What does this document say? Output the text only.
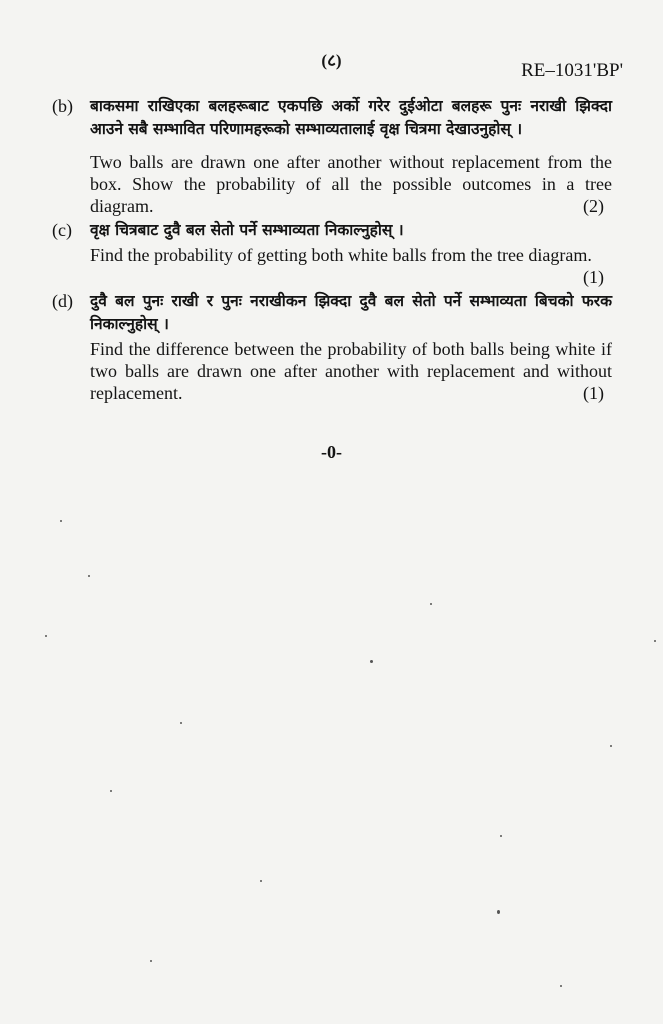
(८)	RE–1031'BP'
(b)	बाकसमा राखिएका बलहरूबाट एकपछि अर्को गरेर दुईओटा बलहरू पुनः नराखी झिक्दा आउने सबै सम्भावित परिणामहरूको सम्भाव्यतालाई वृक्ष चित्रमा देखाउनुहोस् ।

Two balls are drawn one after another without replacement from the box. Show the probability of all the possible outcomes in a tree diagram.	(2)

(c)	वृक्ष चित्रबाट दुवै बल सेतो पर्ने सम्भाव्यता निकाल्नुहोस् ।

Find the probability of getting both white balls from the tree diagram.
(1)

(d)	दुवै बल पुनः राखी र पुनः नराखीकन झिक्दा दुवै बल सेतो पर्ने सम्भाव्यता बिचको फरक निकाल्नुहोस् ।

Find the difference between the probability of both balls being white if two balls are drawn one after another with replacement and without replacement.	(1)

-0-
